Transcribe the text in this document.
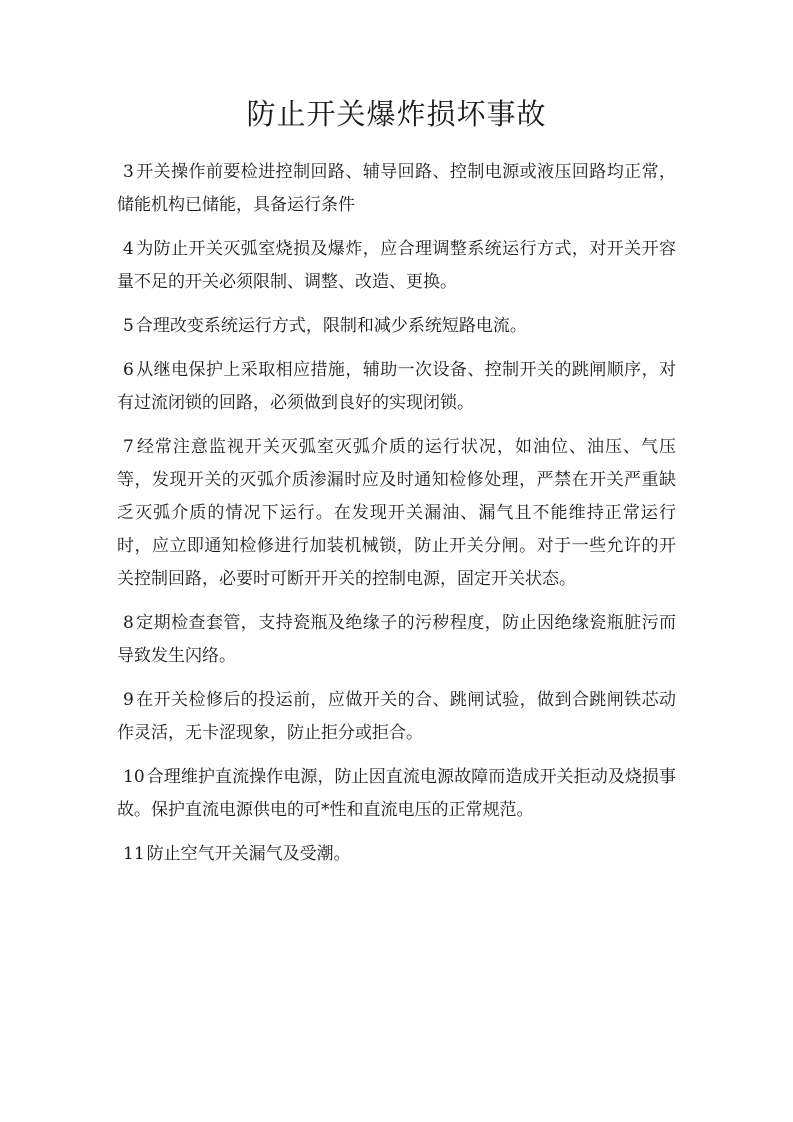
防止开关爆炸损坏事故

3 开关操作前要检进控制回路、辅导回路、控制电源或液压回路均正常，储能机构已储能，具备运行条件

4 为防止开关灭弧室烧损及爆炸，应合理调整系统运行方式，对开关开容量不足的开关必须限制、调整、改造、更换。

5 合理改变系统运行方式，限制和减少系统短路电流。

6 从继电保护上采取相应措施，辅助一次设备、控制开关的跳闸顺序，对有过流闭锁的回路，必须做到良好的实现闭锁。

7 经常注意监视开关灭弧室灭弧介质的运行状况，如油位、油压、气压等，发现开关的灭弧介质渗漏时应及时通知检修处理，严禁在开关严重缺乏灭弧介质的情况下运行。在发现开关漏油、漏气且不能维持正常运行时，应立即通知检修进行加装机械锁，防止开关分闸。对于一些允许的开关控制回路，必要时可断开开关的控制电源，固定开关状态。

8 定期检查套管，支持瓷瓶及绝缘子的污秽程度，防止因绝缘瓷瓶脏污而导致发生闪络。

9 在开关检修后的投运前，应做开关的合、跳闸试验，做到合跳闸铁芯动作灵活，无卡涩现象，防止拒分或拒合。

10 合理维护直流操作电源，防止因直流电源故障而造成开关拒动及烧损事故。保护直流电源供电的可*性和直流电压的正常规范。

11 防止空气开关漏气及受潮。
